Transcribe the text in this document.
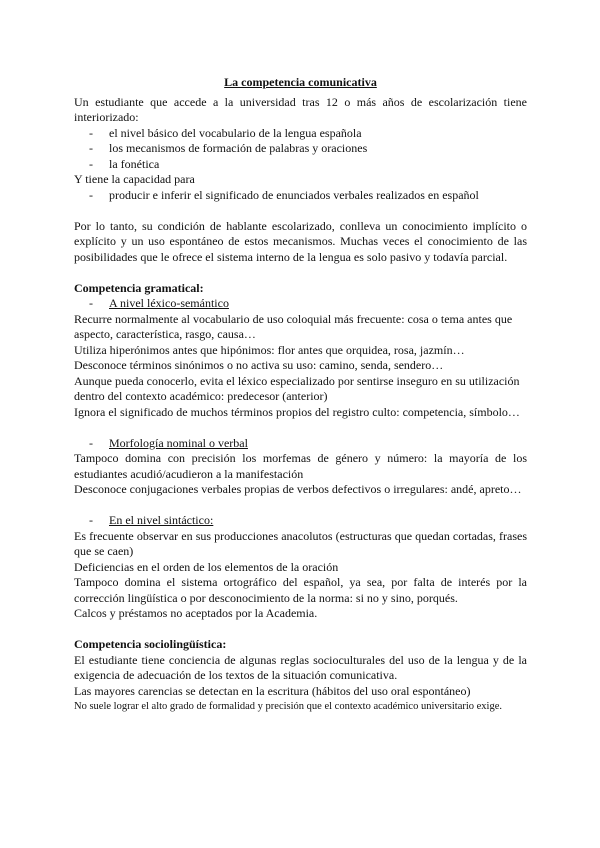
La competencia comunicativa

Un estudiante que accede a la universidad tras 12 o más años de escolarización tiene interiorizado:

- el nivel básico del vocabulario de la lengua española
- los mecanismos de formación de palabras y oraciones
- la fonética

Y tiene la capacidad para

- producir e inferir el significado de enunciados verbales realizados en español

Por lo tanto, su condición de hablante escolarizado, conlleva un conocimiento implícito o explícito y un uso espontáneo de estos mecanismos. Muchas veces el conocimiento de las posibilidades que le ofrece el sistema interno de la lengua es solo pasivo y todavía parcial.

Competencia gramatical:

- A nivel léxico-semántico

Recurre normalmente al vocabulario de uso coloquial más frecuente: cosa o tema antes que aspecto, característica, rasgo, causa…

Utiliza hiperónimos antes que hipónimos: flor antes que orquidea, rosa, jazmín…

Desconoce términos sinónimos o no activa su uso: camino, senda, sendero…

Aunque pueda conocerlo, evita el léxico especializado por sentirse inseguro en su utilización dentro del contexto académico: predecesor (anterior)

Ignora el significado de muchos términos propios del registro culto: competencia, símbolo…

- Morfología nominal o verbal

Tampoco domina con precisión los morfemas de género y número: la mayoría de los estudiantes acudió/acudieron a la manifestación

Desconoce conjugaciones verbales propias de verbos defectivos o irregulares: andé, apreto…

- En el nivel sintáctico:

Es frecuente observar en sus producciones anacolutos (estructuras que quedan cortadas, frases que se caen)

Deficiencias en el orden de los elementos de la oración

Tampoco domina el sistema ortográfico del español, ya sea, por falta de interés por la corrección lingüística o por desconocimiento de la norma: si no y sino, porqués.

Calcos y préstamos no aceptados por la Academia.

Competencia sociolingüística:

El estudiante tiene conciencia de algunas reglas socioculturales del uso de la lengua y de la exigencia de adecuación de los textos de la situación comunicativa.

Las mayores carencias se detectan en la escritura (hábitos del uso oral espontáneo)

No suele lograr el alto grado de formalidad y precisión que el contexto académico universitario exige.
